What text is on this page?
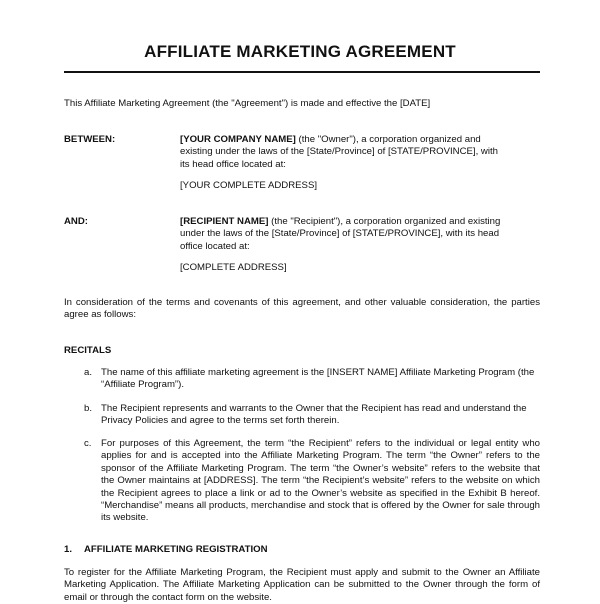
AFFILIATE MARKETING AGREEMENT
This Affiliate Marketing Agreement (the "Agreement") is made and effective the [DATE]
BETWEEN:	[YOUR COMPANY NAME] (the "Owner"), a corporation organized and existing under the laws of the [State/Province] of [STATE/PROVINCE], with its head office located at:
[YOUR COMPLETE ADDRESS]
AND:	[RECIPIENT NAME] (the "Recipient"), a corporation organized and existing under the laws of the [State/Province] of [STATE/PROVINCE], with its head office located at:
[COMPLETE ADDRESS]
In consideration of the terms and covenants of this agreement, and other valuable consideration, the parties agree as follows:
RECITALS
a. The name of this affiliate marketing agreement is the [INSERT NAME] Affiliate Marketing Program (the “Affiliate Program”).
b. The Recipient represents and warrants to the Owner that the Recipient has read and understand the Privacy Policies and agree to the terms set forth therein.
c. For purposes of this Agreement, the term “the Recipient” refers to the individual or legal entity who applies for and is accepted into the Affiliate Marketing Program. The term “the Owner” refers to the sponsor of the Affiliate Marketing Program. The term “the Owner’s website” refers to the website that the Owner maintains at [ADDRESS]. The term “the Recipient’s website” refers to the website on which the Recipient agrees to place a link or ad to the Owner’s website as specified in the Exhibit B hereof. “Merchandise” means all products, merchandise and stock that is offered by the Owner for sale through its website.
1. AFFILIATE MARKETING REGISTRATION
To register for the Affiliate Marketing Program, the Recipient must apply and submit to the Owner an Affiliate Marketing Application. The Affiliate Marketing Application can be submitted to the Owner through the form of email or through the contact form on the website.
